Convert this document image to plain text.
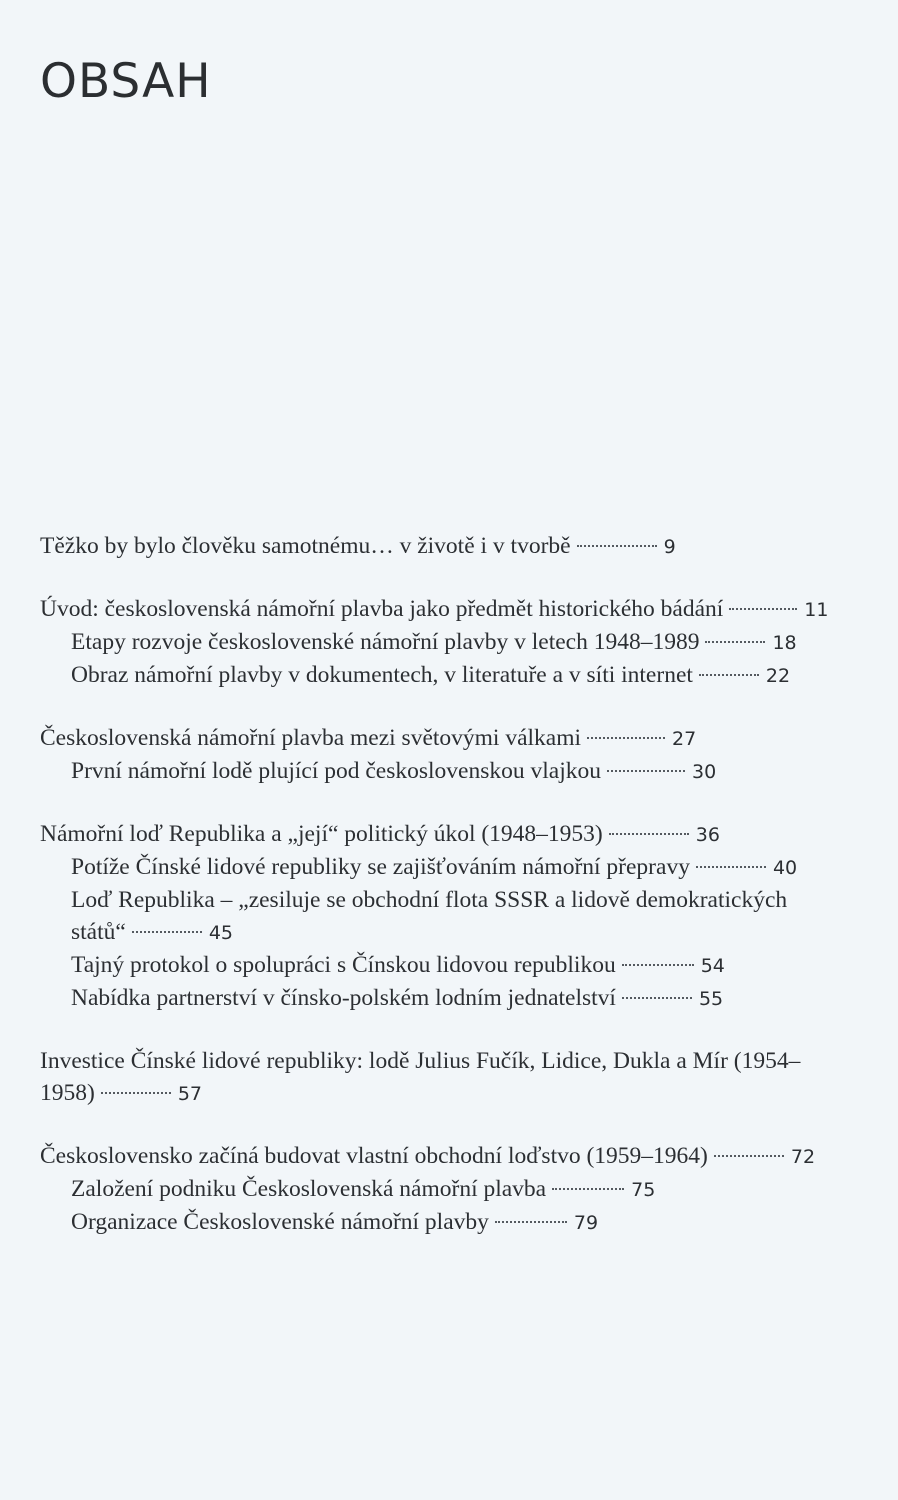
OBSAH

Těžko by bylo člověku samotnému… v životě i v tvorbě	9

Úvod: československá námořní plavba jako předmět historického bádání	11

Etapy rozvoje československé námořní plavby v letech 1948–1989	18

Obraz námořní plavby v dokumentech, v literatuře a v síti internet	22

Československá námořní plavba mezi světovými válkami	27

První námořní lodě plující pod československou vlajkou	30

Námořní loď Republika a „její“ politický úkol (1948–1953)	36

Potíže Čínské lidové republiky se zajišťováním námořní přepravy	40

Loď Republika – „zesiluje se obchodní flota SSSR a lidově demokratických států“	45

Tajný protokol o spolupráci s Čínskou lidovou republikou	54

Nabídka partnerství v čínsko-polském lodním jednatelství	55

Investice Čínské lidové republiky: lodě Julius Fučík, Lidice, Dukla a Mír (1954–1958)	57

Československo začíná budovat vlastní obchodní loďstvo (1959–1964)	72

Založení podniku Československá námořní plavba	75

Organizace Československé námořní plavby	79
